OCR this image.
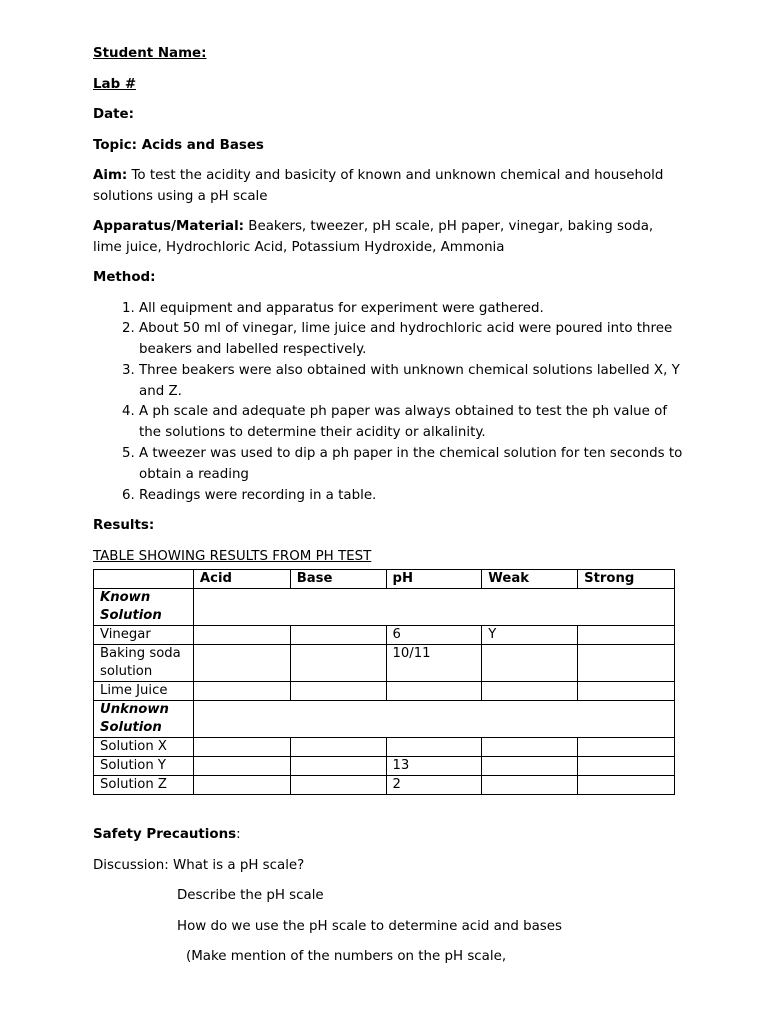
Student Name:

Lab #

Date:

Topic: Acids and Bases

Aim: To test the acidity and basicity of known and unknown chemical and household solutions using a pH scale

Apparatus/Material: Beakers, tweezer, pH scale, pH paper, vinegar, baking soda, lime juice, Hydrochloric Acid, Potassium Hydroxide, Ammonia

Method:

1. All equipment and apparatus for experiment were gathered.
2. About 50 ml of vinegar, lime juice and hydrochloric acid were poured into three beakers and labelled respectively.
3. Three beakers were also obtained with unknown chemical solutions labelled X, Y and Z.
4. A ph scale and adequate ph paper was always obtained to test the ph value of the solutions to determine their acidity or alkalinity.
5. A tweezer was used to dip a ph paper in the chemical solution for ten seconds to obtain a reading
6. Readings were recording in a table.

Results:

TABLE SHOWING RESULTS FROM PH TEST

	Acid	Base	pH	Weak	Strong
Known Solution					
Vinegar			6	Y	
Baking soda solution			10/11		
Lime Juice					
Unknown Solution					
Solution X					
Solution Y			13		
Solution Z			2		

Safety Precautions:

Discussion: What is a pH scale?

Describe the pH scale

How do we use the pH scale to determine acid and bases

(Make mention of the numbers on the pH scale,
